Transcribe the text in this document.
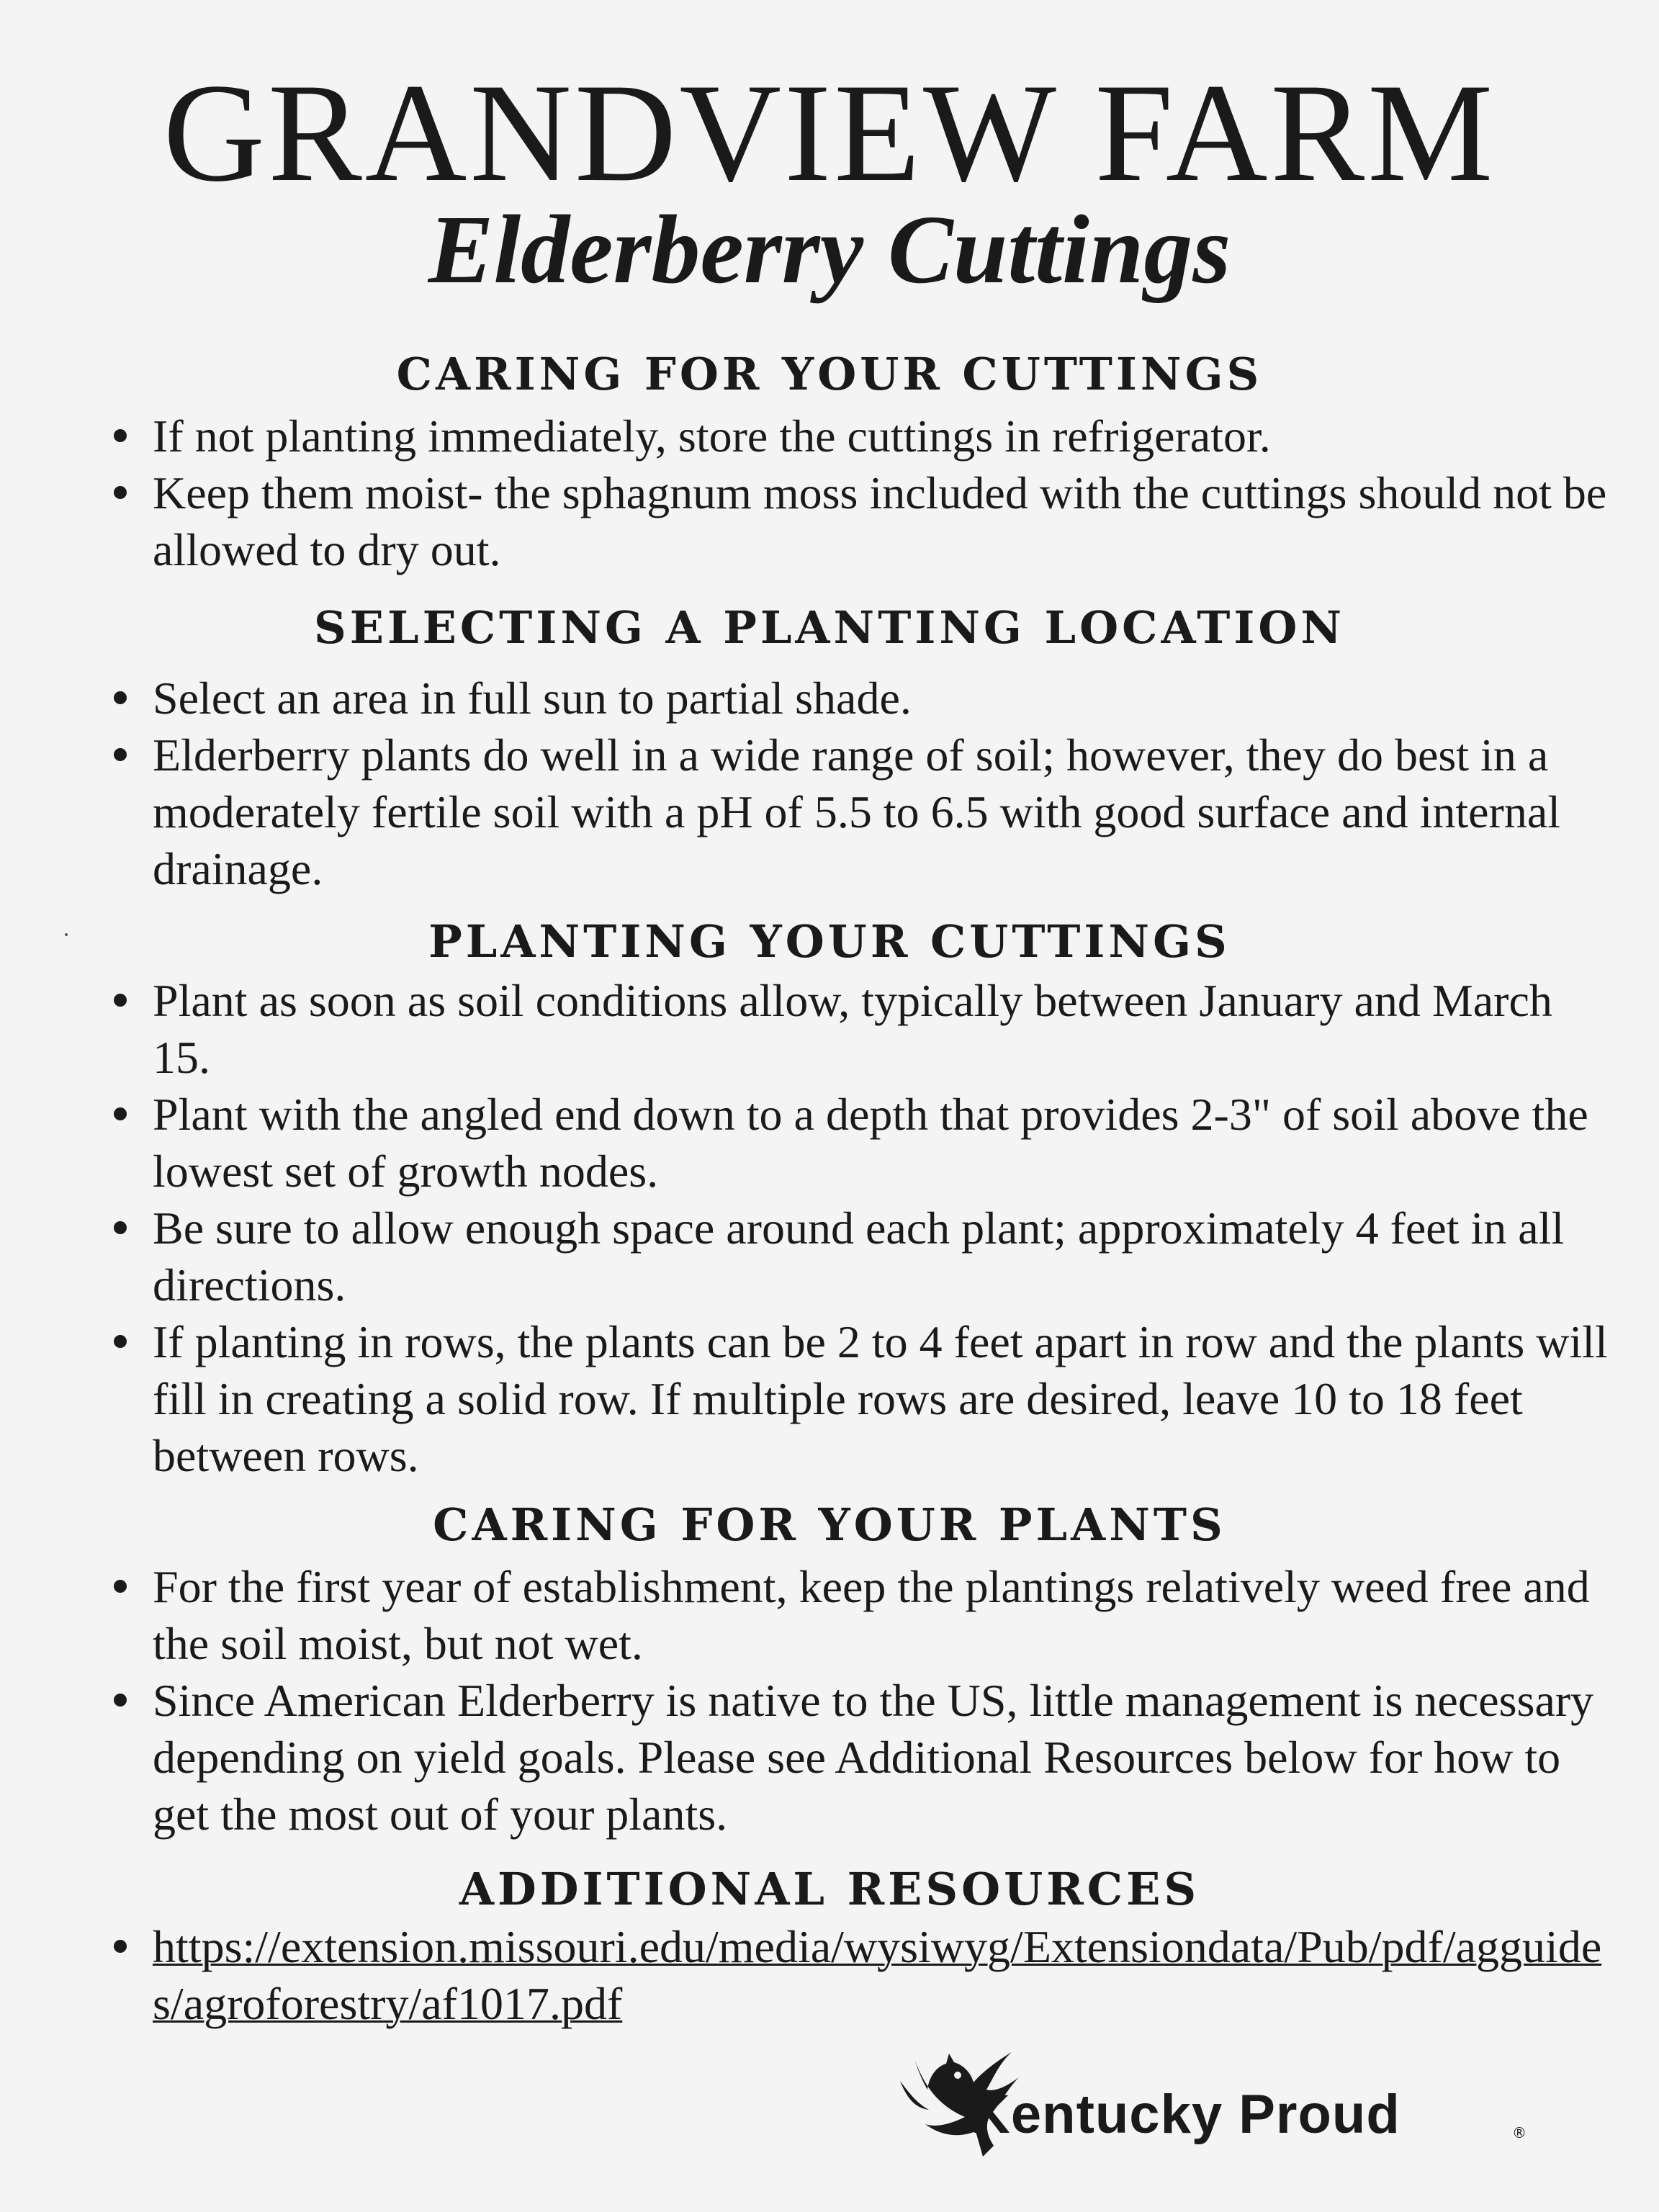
GRANDVIEW FARM
Elderberry Cuttings
CARING FOR YOUR CUTTINGS
If not planting immediately, store the cuttings in refrigerator.
Keep them moist- the sphagnum moss included with the cuttings should not be allowed to dry out.
SELECTING A PLANTING LOCATION
Select an area in full sun to partial shade.
Elderberry plants do well in a wide range of soil; however, they do best in a moderately fertile soil with a pH of 5.5 to 6.5 with good surface and internal drainage.
PLANTING YOUR CUTTINGS
Plant as soon as soil conditions allow, typically between January and March 15.
Plant with the angled end down to a depth that provides 2-3" of soil above the lowest set of growth nodes.
Be sure to allow enough space around each plant; approximately 4 feet in all directions.
If planting in rows, the plants can be 2 to 4 feet apart in row and the plants will fill in creating a solid row. If multiple rows are desired, leave 10 to 18 feet between rows.
CARING FOR YOUR PLANTS
For the first year of establishment, keep the plantings relatively weed free and the soil moist, but not wet.
Since American Elderberry is native to the US, little management is necessary depending on yield goals. Please see Additional Resources below for how to get the most out of your plants.
ADDITIONAL RESOURCES
https://extension.missouri.edu/media/wysiwyg/Extensiondata/Pub/pdf/agguides/agroforestry/af1017.pdf
Kentucky Proud	®
